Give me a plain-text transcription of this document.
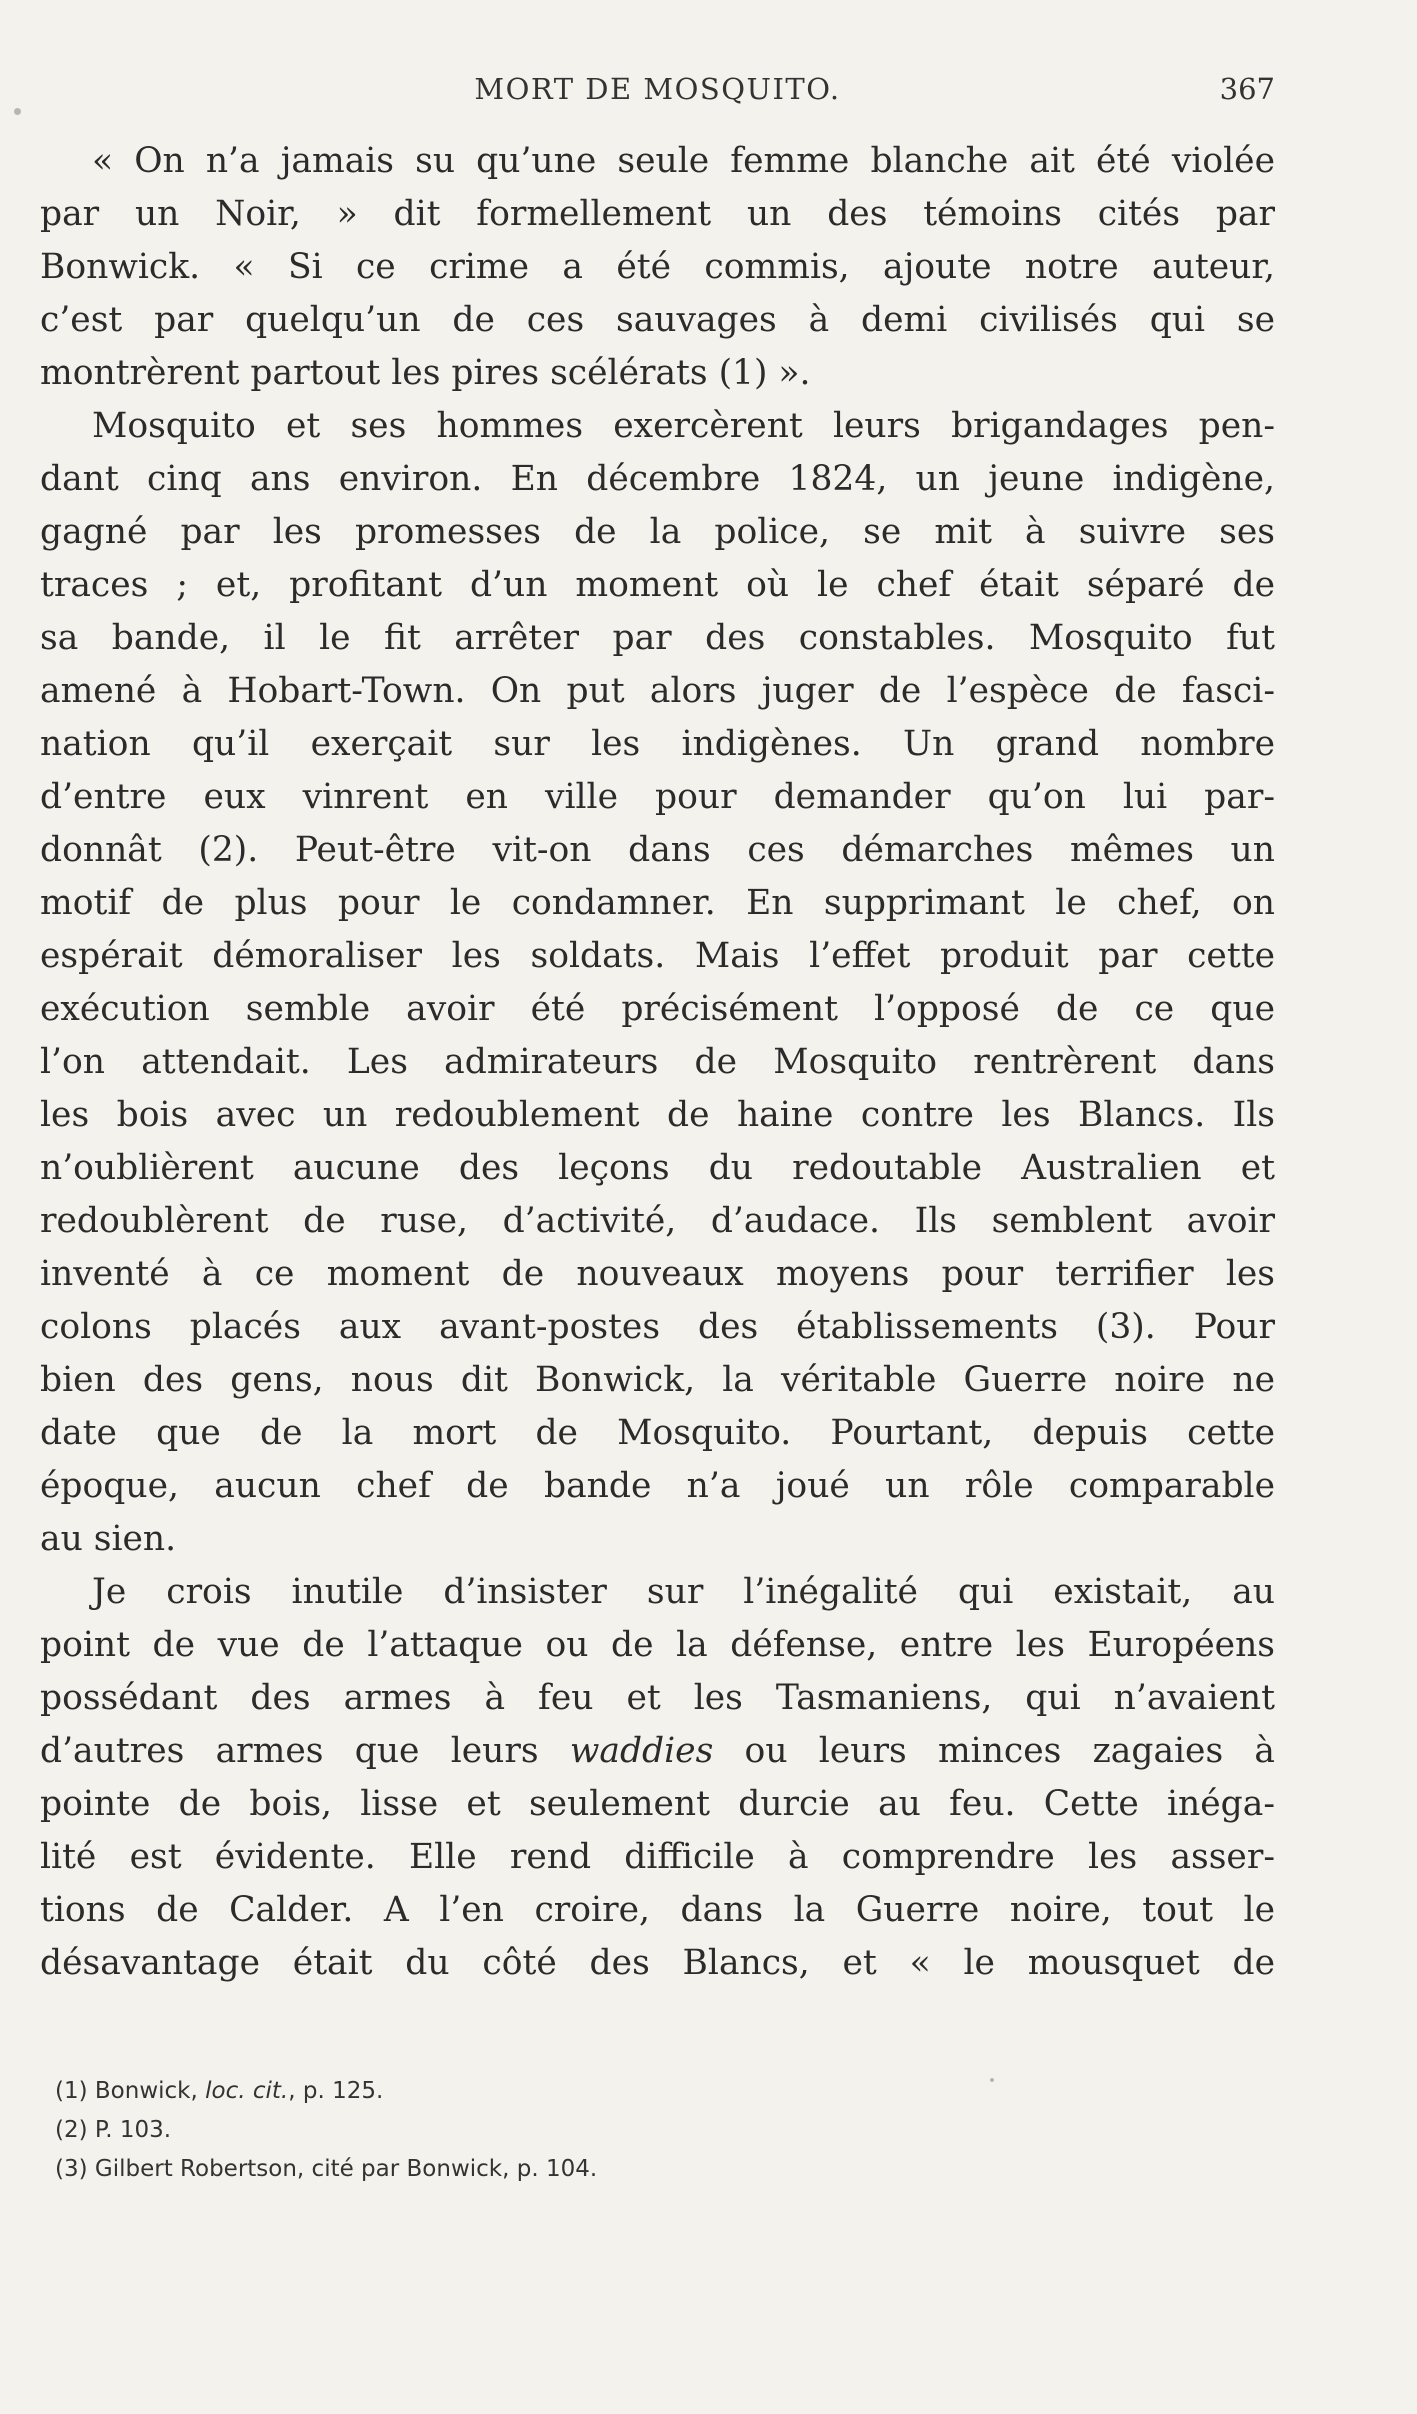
MORT DE MOSQUITO.	367
« On n’a jamais su qu’une seule femme blanche ait été violée
par un Noir, » dit formellement un des témoins cités par
Bonwick. « Si ce crime a été commis, ajoute notre auteur,
c’est par quelqu’un de ces sauvages à demi civilisés qui se
montrèrent partout les pires scélérats (1) ».
Mosquito et ses hommes exercèrent leurs brigandages pen-
dant cinq ans environ. En décembre 1824, un jeune indigène,
gagné par les promesses de la police, se mit à suivre ses
traces ; et, profitant d’un moment où le chef était séparé de
sa bande, il le fit arrêter par des constables. Mosquito fut
amené à Hobart-Town. On put alors juger de l’espèce de fasci-
nation qu’il exerçait sur les indigènes. Un grand nombre
d’entre eux vinrent en ville pour demander qu’on lui par-
donnât (2). Peut-être vit-on dans ces démarches mêmes un
motif de plus pour le condamner. En supprimant le chef, on
espérait démoraliser les soldats. Mais l’effet produit par cette
exécution semble avoir été précisément l’opposé de ce que
l’on attendait. Les admirateurs de Mosquito rentrèrent dans
les bois avec un redoublement de haine contre les Blancs. Ils
n’oublièrent aucune des leçons du redoutable Australien et
redoublèrent de ruse, d’activité, d’audace. Ils semblent avoir
inventé à ce moment de nouveaux moyens pour terrifier les
colons placés aux avant-postes des établissements (3). Pour
bien des gens, nous dit Bonwick, la véritable Guerre noire ne
date que de la mort de Mosquito. Pourtant, depuis cette
époque, aucun chef de bande n’a joué un rôle comparable
au sien.
Je crois inutile d’insister sur l’inégalité qui existait, au
point de vue de l’attaque ou de la défense, entre les Européens
possédant des armes à feu et les Tasmaniens, qui n’avaient
d’autres armes que leurs waddies ou leurs minces zagaies à
pointe de bois, lisse et seulement durcie au feu. Cette inéga-
lité est évidente. Elle rend difficile à comprendre les asser-
tions de Calder. A l’en croire, dans la Guerre noire, tout le
désavantage était du côté des Blancs, et « le mousquet de
(1) Bonwick, loc. cit., p. 125.
(2) P. 103.
(3) Gilbert Robertson, cité par Bonwick, p. 104.
